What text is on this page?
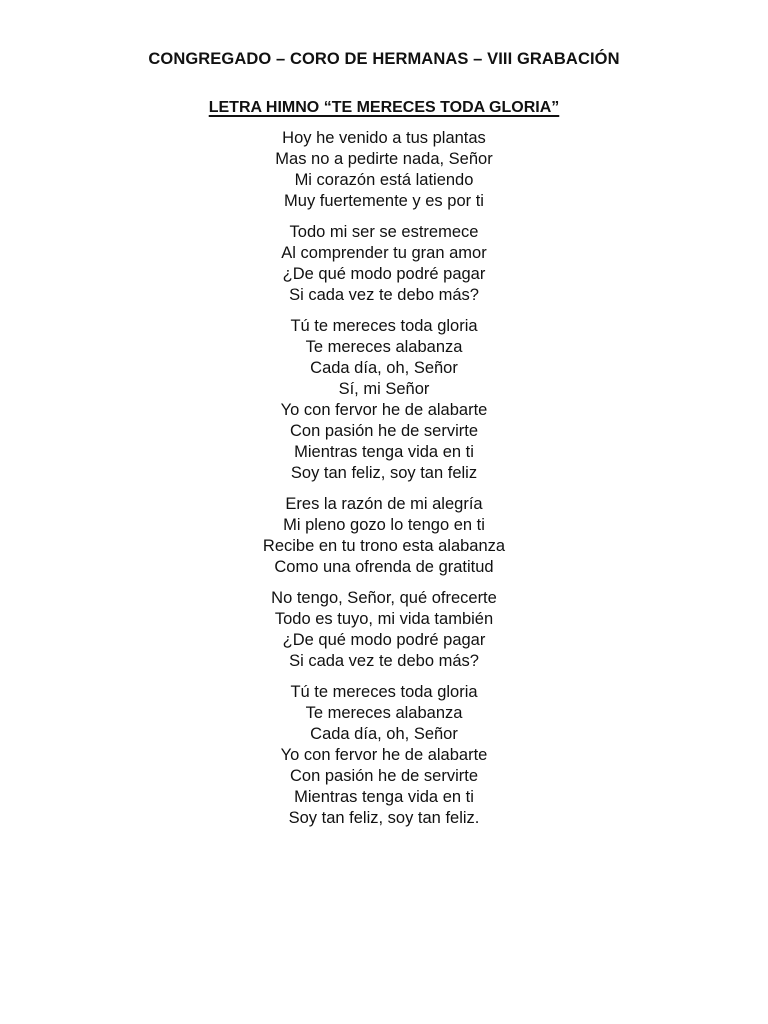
CONGREGADO – CORO DE HERMANAS – VIII GRABACIÓN
LETRA HIMNO “TE MERECES TODA GLORIA”
Hoy he venido a tus plantas
Mas no a pedirte nada, Señor
Mi corazón está latiendo
Muy fuertemente y es por ti
Todo mi ser se estremece
Al comprender tu gran amor
¿De qué modo podré pagar
Si cada vez te debo más?
Tú te mereces toda gloria
Te mereces alabanza
Cada día, oh, Señor
Sí, mi Señor
Yo con fervor he de alabarte
Con pasión he de servirte
Mientras tenga vida en ti
Soy tan feliz, soy tan feliz
Eres la razón de mi alegría
Mi pleno gozo lo tengo en ti
Recibe en tu trono esta alabanza
Como una ofrenda de gratitud
No tengo, Señor, qué ofrecerte
Todo es tuyo, mi vida también
¿De qué modo podré pagar
Si cada vez te debo más?
Tú te mereces toda gloria
Te mereces alabanza
Cada día, oh, Señor
Yo con fervor he de alabarte
Con pasión he de servirte
Mientras tenga vida en ti
Soy tan feliz, soy tan feliz.
